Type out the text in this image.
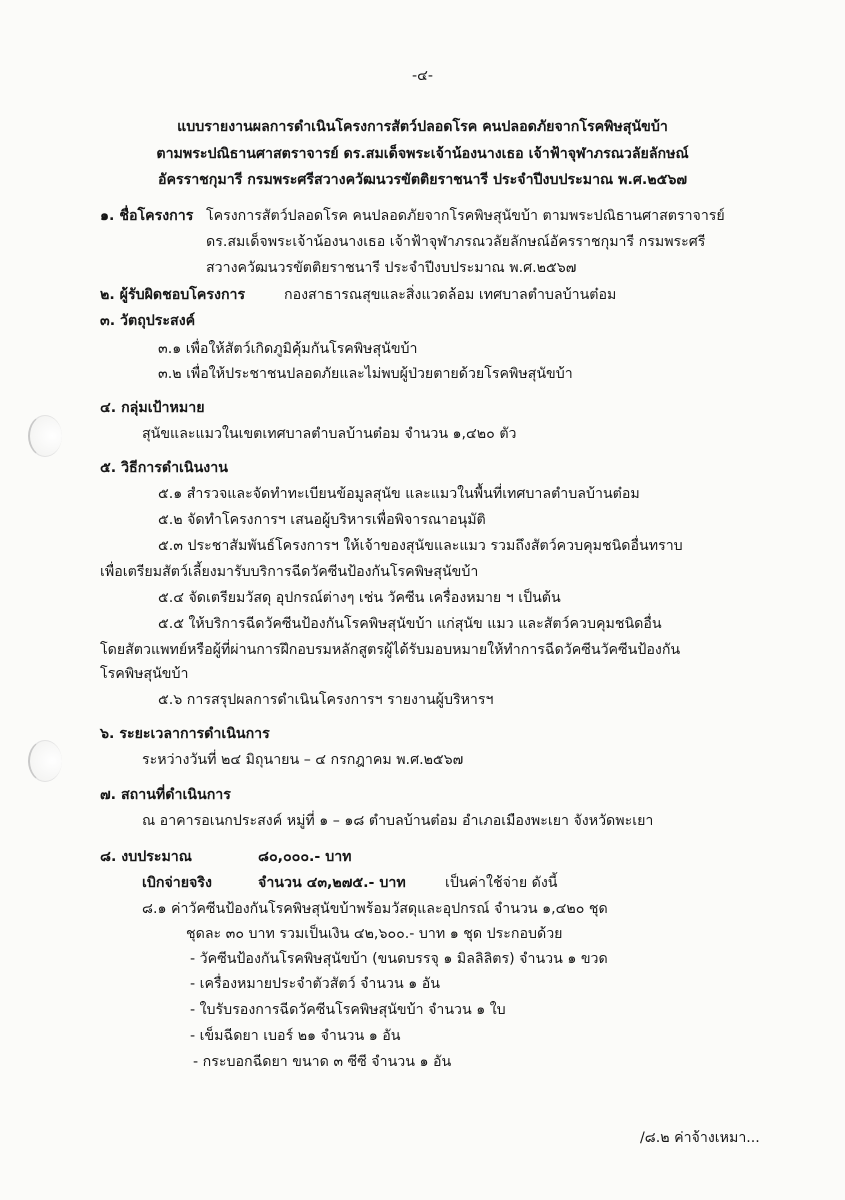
-๔-
แบบรายงานผลการดำเนินโครงการสัตว์ปลอดโรค คนปลอดภัยจากโรคพิษสุนัขบ้า
ตามพระปณิธานศาสตราจารย์ ดร.สมเด็จพระเจ้าน้องนางเธอ เจ้าฟ้าจุฬาภรณวลัยลักษณ์
อัครราชกุมารี กรมพระศรีสวางควัฒนวรขัตติยราชนารี ประจำปีงบประมาณ พ.ศ.๒๕๖๗
๑. ชื่อโครงการ โครงการสัตว์ปลอดโรค คนปลอดภัยจากโรคพิษสุนัขบ้า ตามพระปณิธานศาสตราจารย์
ดร.สมเด็จพระเจ้าน้องนางเธอ เจ้าฟ้าจุฬาภรณวลัยลักษณ์อัครราชกุมารี กรมพระศรี
สวางควัฒนวรขัตติยราชนารี ประจำปีงบประมาณ พ.ศ.๒๕๖๗
๒. ผู้รับผิดชอบโครงการ	กองสาธารณสุขและสิ่งแวดล้อม เทศบาลตำบลบ้านต๋อม
๓. วัตถุประสงค์
๓.๑ เพื่อให้สัตว์เกิดภูมิคุ้มกันโรคพิษสุนัขบ้า
๓.๒ เพื่อให้ประชาชนปลอดภัยและไม่พบผู้ป่วยตายด้วยโรคพิษสุนัขบ้า
๔. กลุ่มเป้าหมาย
สุนัขและแมวในเขตเทศบาลตำบลบ้านต๋อม จำนวน ๑,๔๒๐ ตัว
๕. วิธีการดำเนินงาน
๕.๑ สำรวจและจัดทำทะเบียนข้อมูลสุนัข และแมวในพื้นที่เทศบาลตำบลบ้านต๋อม
๕.๒ จัดทำโครงการฯ เสนอผู้บริหารเพื่อพิจารณาอนุมัติ
๕.๓ ประชาสัมพันธ์โครงการฯ ให้เจ้าของสุนัขและแมว รวมถึงสัตว์ควบคุมชนิดอื่นทราบ
เพื่อเตรียมสัตว์เลี้ยงมารับบริการฉีดวัคซีนป้องกันโรคพิษสุนัขบ้า
๕.๔ จัดเตรียมวัสดุ อุปกรณ์ต่างๆ เช่น วัคซีน เครื่องหมาย ฯ เป็นต้น
๕.๕ ให้บริการฉีดวัคซีนป้องกันโรคพิษสุนัขบ้า แก่สุนัข แมว และสัตว์ควบคุมชนิดอื่น
โดยสัตวแพทย์หรือผู้ที่ผ่านการฝึกอบรมหลักสูตรผู้ได้รับมอบหมายให้ทำการฉีดวัคซีนวัคซีนป้องกัน
โรคพิษสุนัขบ้า
๕.๖ การสรุปผลการดำเนินโครงการฯ รายงานผู้บริหารฯ
๖. ระยะเวลาการดำเนินการ
ระหว่างวันที่ ๒๔ มิถุนายน – ๔ กรกฎาคม พ.ศ.๒๕๖๗
๗. สถานที่ดำเนินการ
ณ อาคารอเนกประสงค์ หมู่ที่ ๑ – ๑๘ ตำบลบ้านต๋อม อำเภอเมืองพะเยา จังหวัดพะเยา
๘. งบประมาณ	๘๐,๐๐๐.- บาท
เบิกจ่ายจริง	จำนวน ๔๓,๒๗๕.- บาท	เป็นค่าใช้จ่าย ดังนี้
๘.๑ ค่าวัคซีนป้องกันโรคพิษสุนัขบ้าพร้อมวัสดุและอุปกรณ์ จำนวน ๑,๔๒๐ ชุด
ชุดละ ๓๐ บาท รวมเป็นเงิน ๔๒,๖๐๐.- บาท ๑ ชุด ประกอบด้วย
- วัคซีนป้องกันโรคพิษสุนัขบ้า (ขนดบรรจุ ๑ มิลลิลิตร) จำนวน ๑ ขวด
- เครื่องหมายประจำตัวสัตว์ จำนวน ๑ อัน
- ใบรับรองการฉีดวัคซีนโรคพิษสุนัขบ้า จำนวน ๑ ใบ
- เข็มฉีดยา เบอร์ ๒๑ จำนวน ๑ อัน
- กระบอกฉีดยา ขนาด ๓ ซีซี จำนวน ๑ อัน
/๘.๒ ค่าจ้างเหมา...
